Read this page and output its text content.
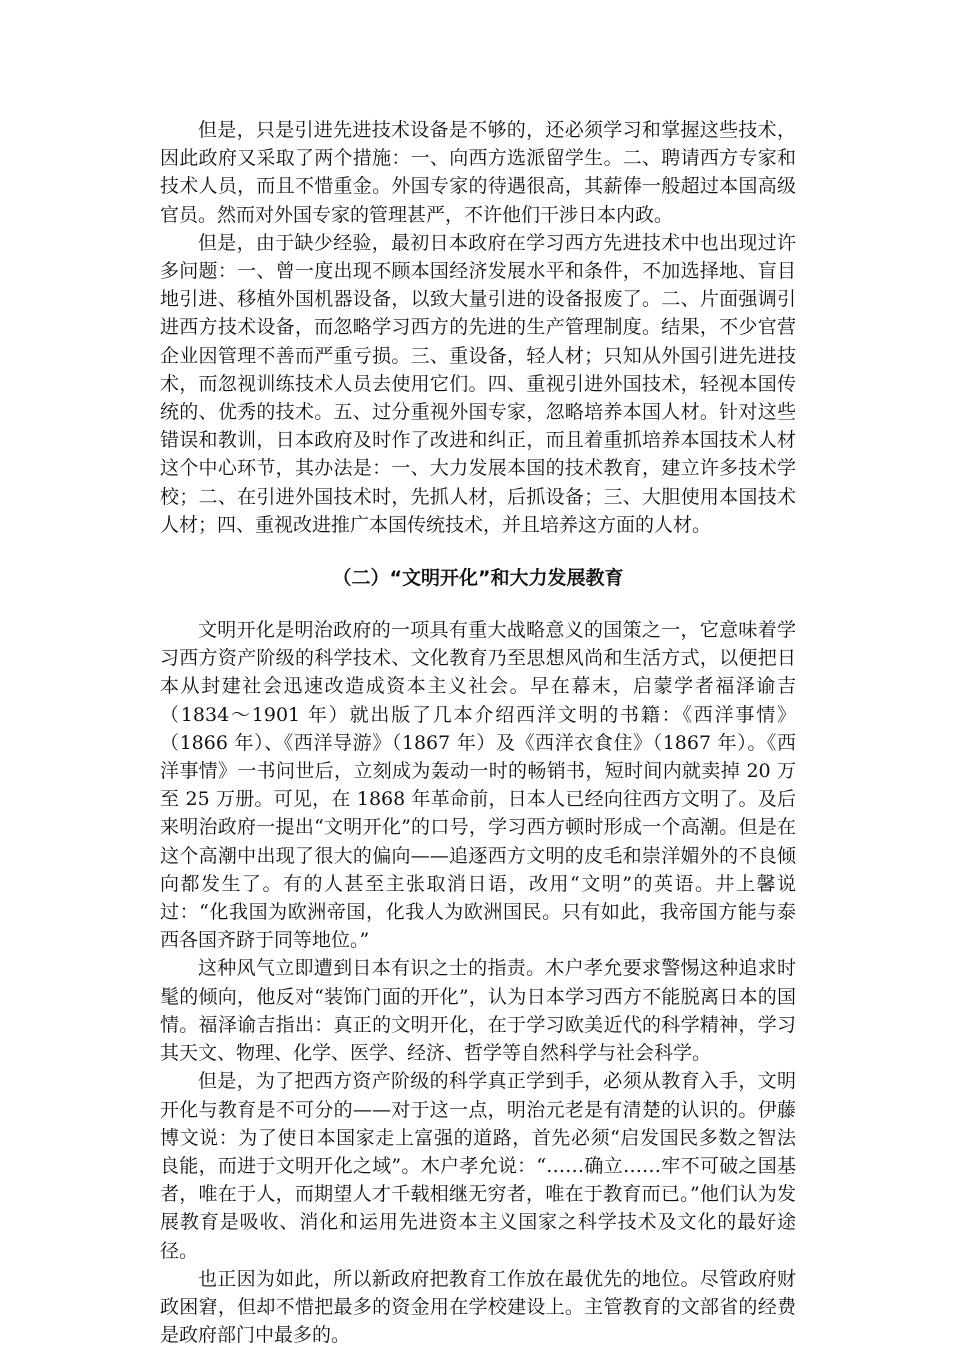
但是，只是引进先进技术设备是不够的，还必须学习和掌握这些技术，因此政府又采取了两个措施：一、向西方选派留学生。二、聘请西方专家和技术人员，而且不惜重金。外国专家的待遇很高，其薪俸一般超过本国高级官员。然而对外国专家的管理甚严，不许他们干涉日本内政。

但是，由于缺少经验，最初日本政府在学习西方先进技术中也出现过许多问题：一、曾一度出现不顾本国经济发展水平和条件，不加选择地、盲目地引进、移植外国机器设备，以致大量引进的设备报废了。二、片面强调引进西方技术设备，而忽略学习西方的先进的生产管理制度。结果，不少官营企业因管理不善而严重亏损。三、重设备，轻人材；只知从外国引进先进技术，而忽视训练技术人员去使用它们。四、重视引进外国技术，轻视本国传统的、优秀的技术。五、过分重视外国专家，忽略培养本国人材。针对这些错误和教训，日本政府及时作了改进和纠正，而且着重抓培养本国技术人材这个中心环节，其办法是：一、大力发展本国的技术教育，建立许多技术学校；二、在引进外国技术时，先抓人材，后抓设备；三、大胆使用本国技术人材；四、重视改进推广本国传统技术，并且培养这方面的人材。

（二）“文明开化”和大力发展教育

文明开化是明治政府的一项具有重大战略意义的国策之一，它意味着学习西方资产阶级的科学技术、文化教育乃至思想风尚和生活方式，以便把日本从封建社会迅速改造成资本主义社会。早在幕末，启蒙学者福泽谕吉（1834～1901 年）就出版了几本介绍西洋文明的书籍：《西洋事情》（1866 年）、《西洋导游》（1867 年）及《西洋衣食住》（1867 年）。《西洋事情》一书问世后，立刻成为轰动一时的畅销书，短时间内就卖掉 20 万至 25 万册。可见，在 1868 年革命前，日本人已经向往西方文明了。及后来明治政府一提出“文明开化”的口号，学习西方顿时形成一个高潮。但是在这个高潮中出现了很大的偏向——追逐西方文明的皮毛和崇洋媚外的不良倾向都发生了。有的人甚至主张取消日语，改用“文明”的英语。井上馨说过：“化我国为欧洲帝国，化我人为欧洲国民。只有如此，我帝国方能与泰西各国齐跻于同等地位。”

这种风气立即遭到日本有识之士的指责。木户孝允要求警惕这种追求时髦的倾向，他反对“装饰门面的开化”，认为日本学习西方不能脱离日本的国情。福泽谕吉指出：真正的文明开化，在于学习欧美近代的科学精神，学习其天文、物理、化学、医学、经济、哲学等自然科学与社会科学。

但是，为了把西方资产阶级的科学真正学到手，必须从教育入手，文明开化与教育是不可分的——对于这一点，明治元老是有清楚的认识的。伊藤博文说：为了使日本国家走上富强的道路，首先必须“启发国民多数之智法良能，而进于文明开化之域”。木户孝允说：“……确立……牢不可破之国基者，唯在于人，而期望人才千载相继无穷者，唯在于教育而已。”他们认为发展教育是吸收、消化和运用先进资本主义国家之科学技术及文化的最好途径。

也正因为如此，所以新政府把教育工作放在最优先的地位。尽管政府财政困窘，但却不惜把最多的资金用在学校建设上。主管教育的文部省的经费是政府部门中最多的。
